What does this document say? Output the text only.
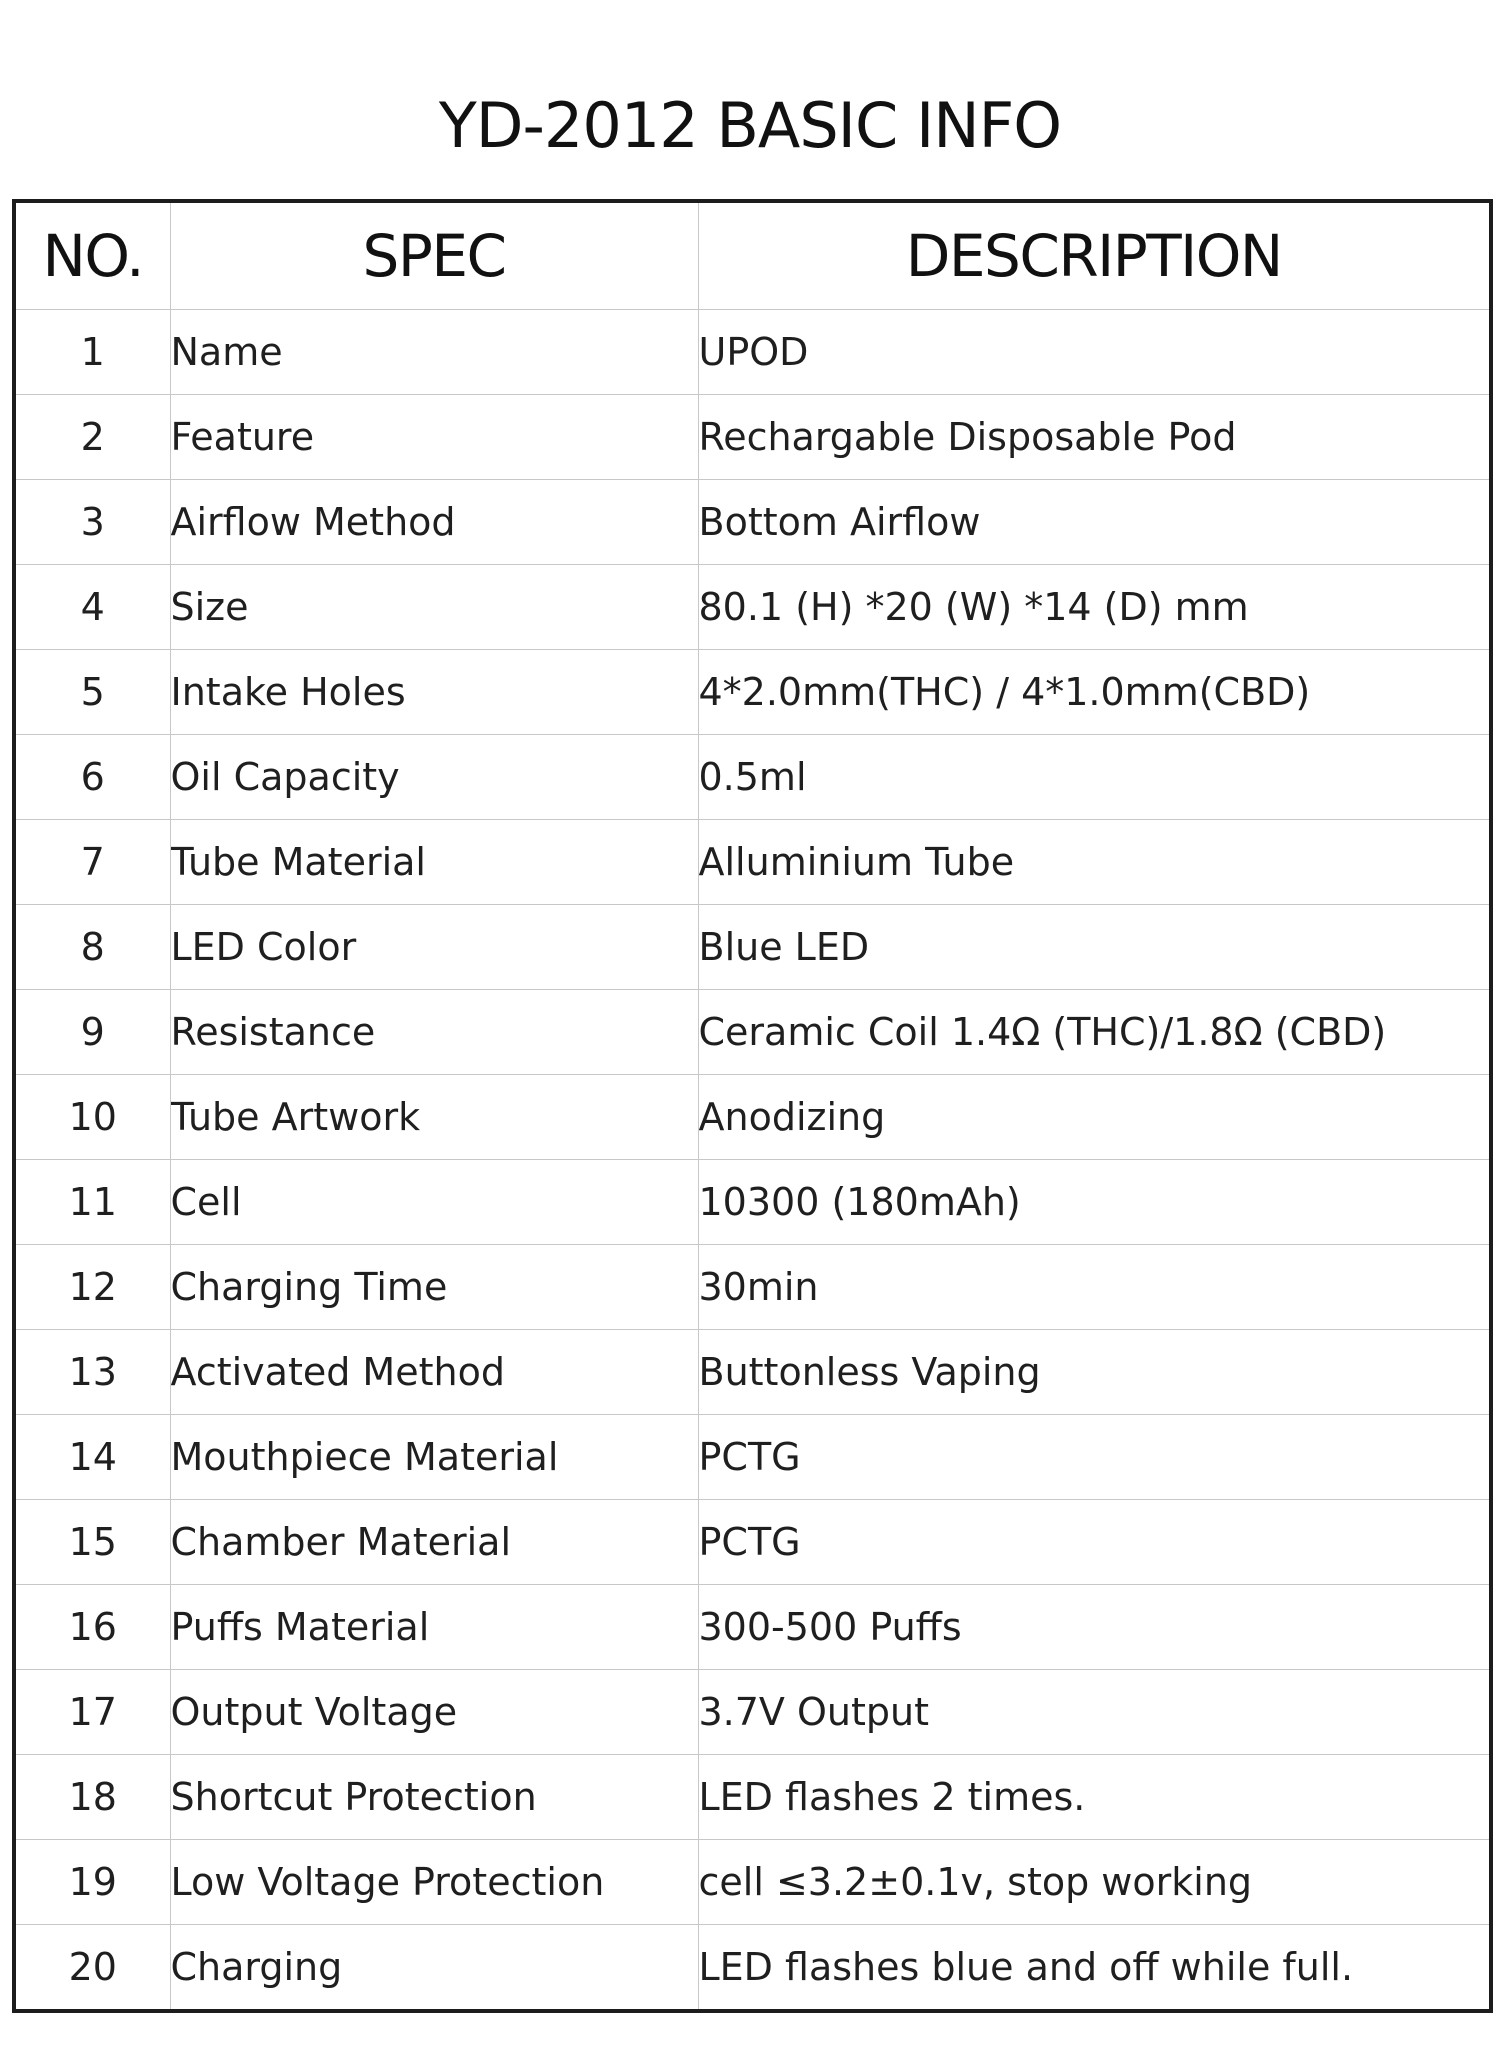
YD-2012 BASIC INFO
NO.	SPEC	DESCRIPTION
1	Name	UPOD
2	Feature	Rechargable Disposable Pod
3	Airflow Method	Bottom Airflow
4	Size	80.1 (H) *20 (W) *14 (D) mm
5	Intake Holes	4*2.0mm(THC) / 4*1.0mm(CBD)
6	Oil Capacity	0.5ml
7	Tube Material	Alluminium Tube
8	LED Color	Blue LED
9	Resistance	Ceramic Coil 1.4Ω (THC)/1.8Ω (CBD)
10	Tube Artwork	Anodizing
11	Cell	10300 (180mAh)
12	Charging Time	30min
13	Activated Method	Buttonless Vaping
14	Mouthpiece Material	PCTG
15	Chamber Material	PCTG
16	Puffs Material	300-500 Puffs
17	Output Voltage	3.7V Output
18	Shortcut Protection	LED flashes 2 times.
19	Low Voltage Protection	cell ≤3.2±0.1v, stop working
20	Charging	LED flashes blue and off while full.
